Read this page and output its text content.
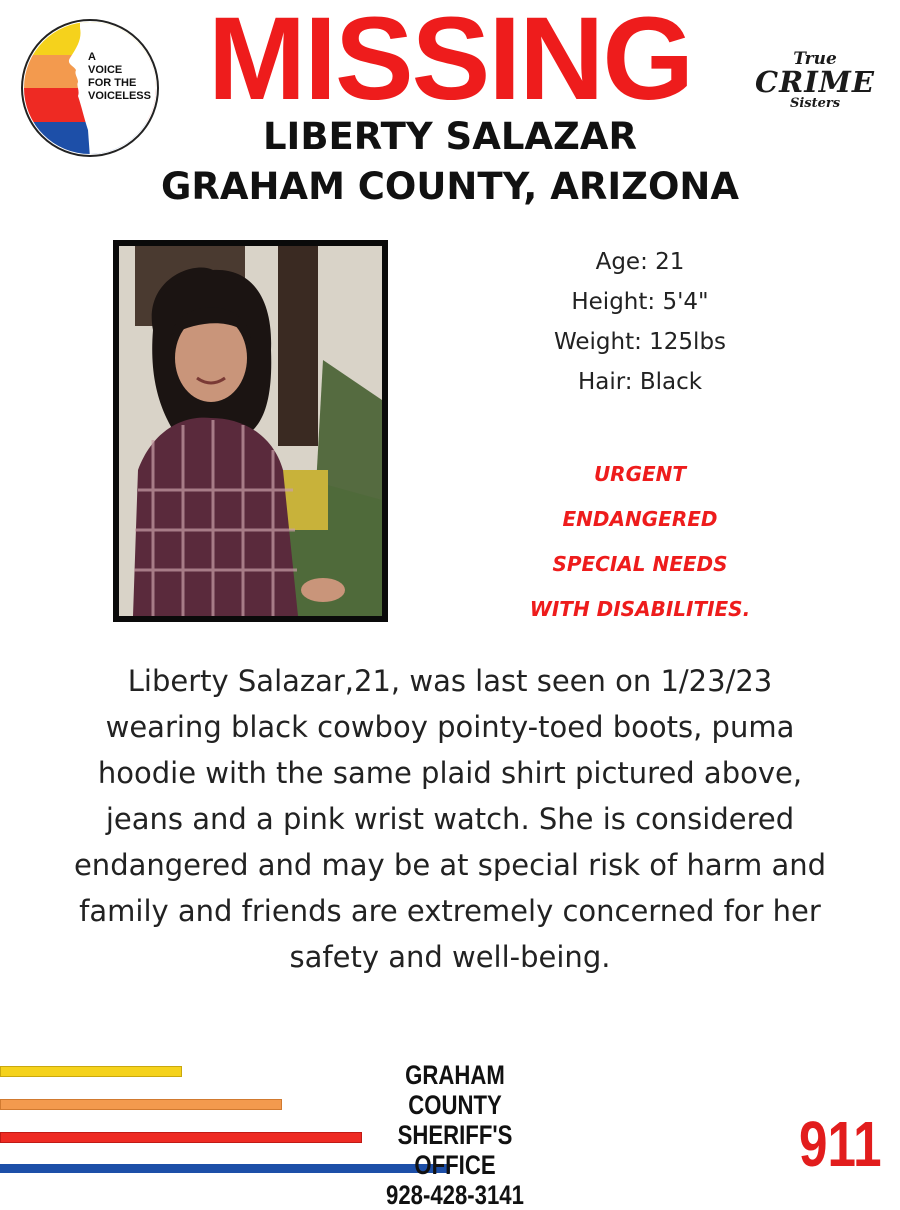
A
VOICE
FOR THE
VOICELESS MISSING	True
CRIME
Sisters
LIBERTY SALAZAR
GRAHAM COUNTY, ARIZONA
Age: 21
Height: 5'4"
Weight: 125lbs
Hair: Black
URGENT
ENDANGERED
SPECIAL NEEDS
WITH DISABILITIES.
Liberty Salazar,21, was last seen on 1/23/23
wearing black cowboy pointy-toed boots, puma
hoodie with the same plaid shirt pictured above,
jeans and a pink wrist watch. She is considered
endangered and may be at special risk of harm and
family and friends are extremely concerned for her
safety and well-being.
GRAHAM COUNTY
SHERIFF'S OFFICE
928-428-3141
911
